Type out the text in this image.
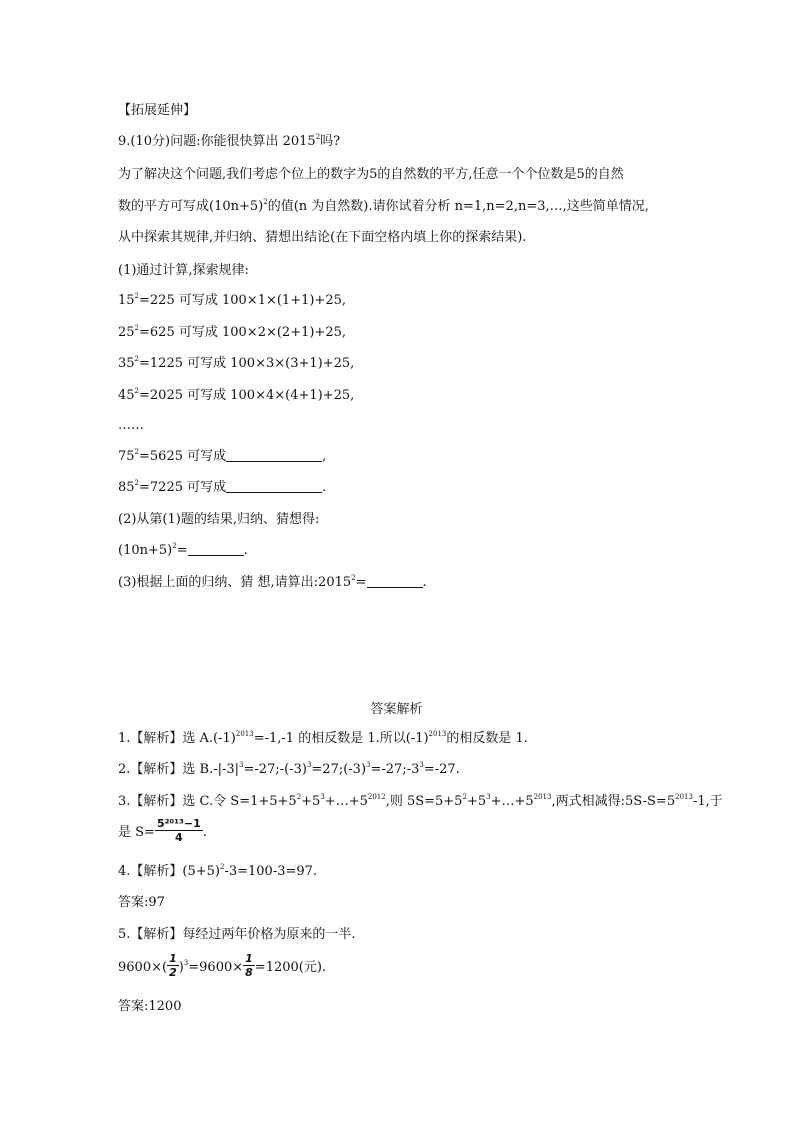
【拓展延伸】
9.(10分)问题:你能很快算出 2015$^2$吗?
为了解决这个问题,我们考虑个位上的数字为5的自然数的平方,任意一个个位数是5的自然
数的平方可写成$(10n+5)^2$的值(n 为自然数).请你试着分析 n=1,n=2,n=3,…,这些简单情况,
从中探索其规律,并归纳、猜想出结论(在下面空格内填上你的探索结果).
(1)通过计算,探索规律:
$15^2=225$ 可写成 100×1×(1+1)+25,
$25^2=625$ 可写成 100×2×(2+1)+25,
$35^2=1225$ 可写成 100×3×(3+1)+25,
$45^2=2025$ 可写成 100×4×(4+1)+25,
……
$75^2=5625$ 可写成	,
$85^2=7225$ 可写成	.
(2)从第(1)题的结果,归纳、猜想得:
$(10n+5)^2=$	.
(3)根据上面的归纳、猜 想,请算出$:2015^2=$	.
答案解析
1.【解析】选 $A.(-1)^{2013}=-1,-1$ 的相反数是 1.所以$(-1)^{2013}$的相反数是 1.
2.【解析】选 $B.-|-3|^3=-27;-(-3)^3=27;(-3)^3=-27;-3^3=-27$.
3.【解析】选 C.令 $S=1+5+5^2+5^3+\dots+5^{2012}$,则 $5S=5+5^2+5^3+\dots+5^{2013}$,两式相减得$:5S-S=5^{2013}-1$,于
是 $S= \frac{\text{5²⁰¹³−1}}{4}$ .
4.【解析】$(5+5)^2-3=100-3=97$.
答案:97
5.【解析】每经过两年价格为原来的一半.
$9600\times( \frac{1}{2} )^3=9600\times \frac{1}{8} =1200$(元).
答案:1200
